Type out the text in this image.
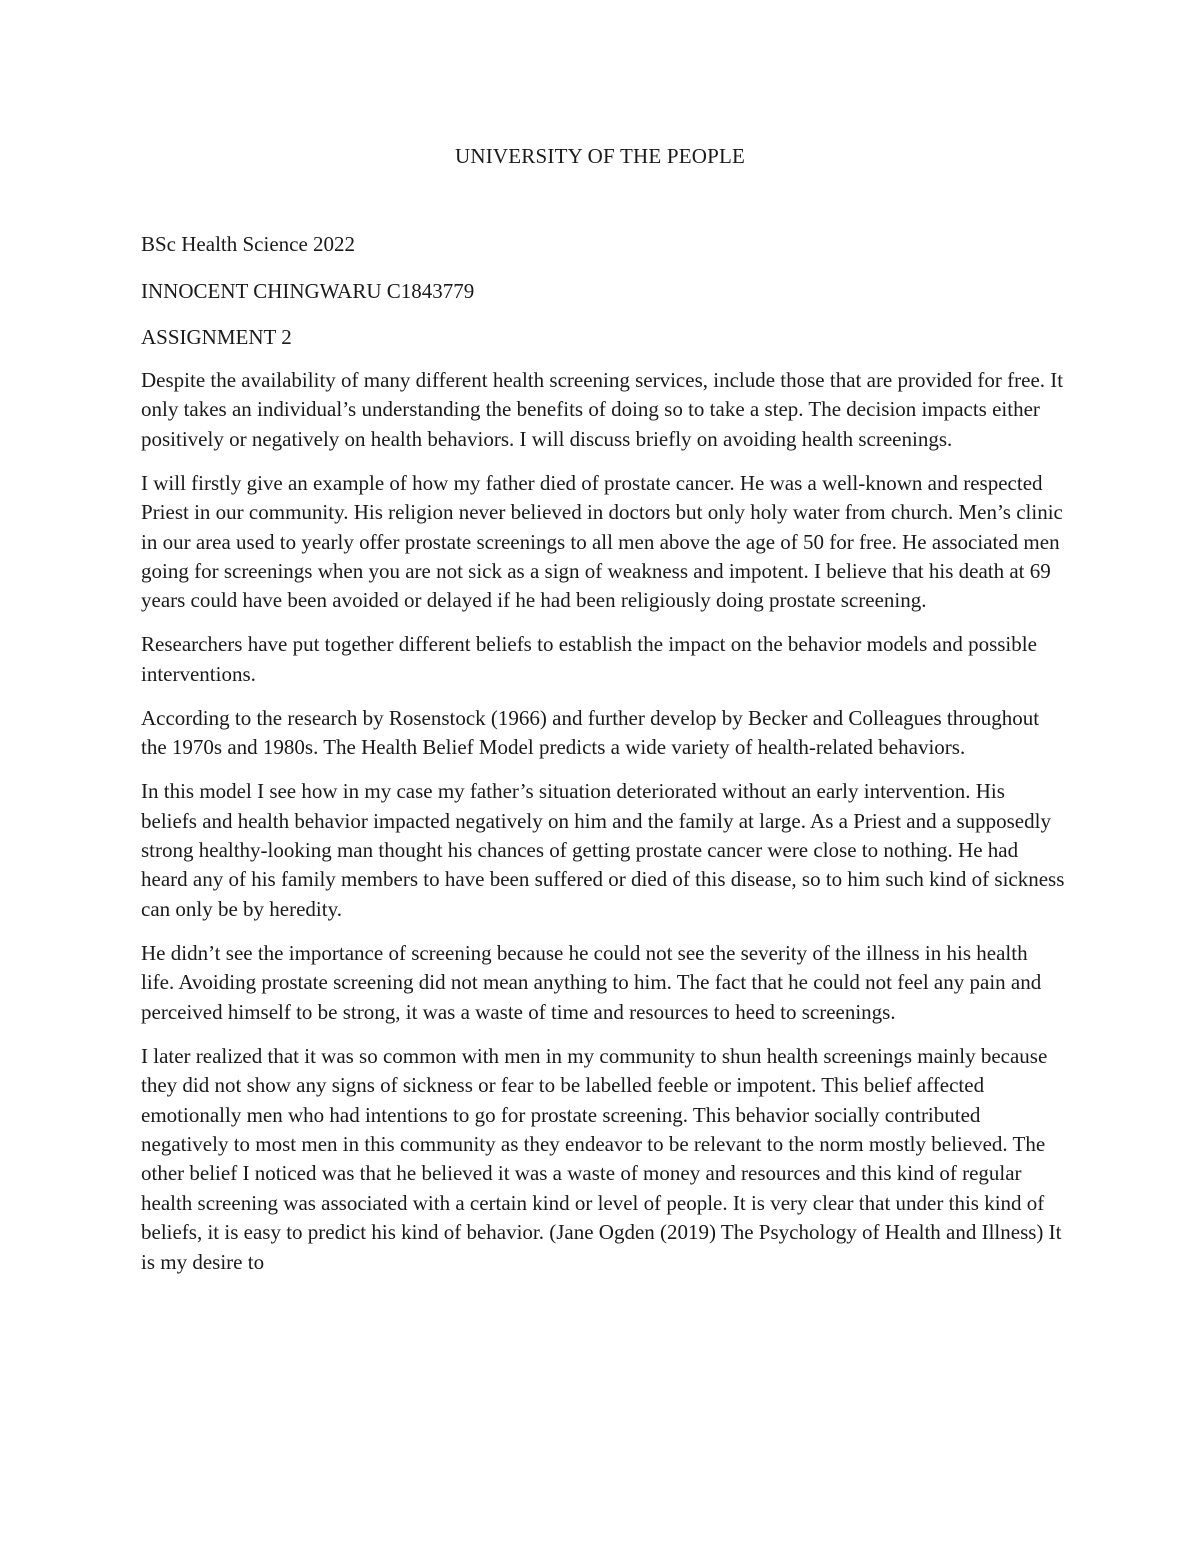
UNIVERSITY OF THE PEOPLE

BSc Health Science 2022

INNOCENT CHINGWARU C1843779

ASSIGNMENT 2

Despite the availability of many different health screening services, include those that are provided for free. It only takes an individual’s understanding the benefits of doing so to take a step. The decision impacts either positively or negatively on health behaviors. I will discuss briefly on avoiding health screenings.

I will firstly give an example of how my father died of prostate cancer. He was a well-known and respected Priest in our community. His religion never believed in doctors but only holy water from church. Men’s clinic in our area used to yearly offer prostate screenings to all men above the age of 50 for free. He associated men going for screenings when you are not sick as a sign of weakness and impotent. I believe that his death at 69 years could have been avoided or delayed if he had been religiously doing prostate screening.

Researchers have put together different beliefs to establish the impact on the behavior models and possible interventions.

According to the research by Rosenstock (1966) and further develop by Becker and Colleagues throughout the 1970s and 1980s. The Health Belief Model predicts a wide variety of health-related behaviors.

In this model I see how in my case my father’s situation deteriorated without an early intervention. His beliefs and health behavior impacted negatively on him and the family at large. As a Priest and a supposedly strong healthy-looking man thought his chances of getting prostate cancer were close to nothing. He had heard any of his family members to have been suffered or died of this disease, so to him such kind of sickness can only be by heredity.

He didn’t see the importance of screening because he could not see the severity of the illness in his health life. Avoiding prostate screening did not mean anything to him. The fact that he could not feel any pain and perceived himself to be strong, it was a waste of time and resources to heed to screenings.

I later realized that it was so common with men in my community to shun health screenings mainly because they did not show any signs of sickness or fear to be labelled feeble or impotent. This belief affected emotionally men who had intentions to go for prostate screening. This behavior socially contributed negatively to most men in this community as they endeavor to be relevant to the norm mostly believed. The other belief I noticed was that he believed it was a waste of money and resources and this kind of regular health screening was associated with a certain kind or level of people. It is very clear that under this kind of beliefs, it is easy to predict his kind of behavior. (Jane Ogden (2019) The Psychology of Health and Illness) It is my desire to
